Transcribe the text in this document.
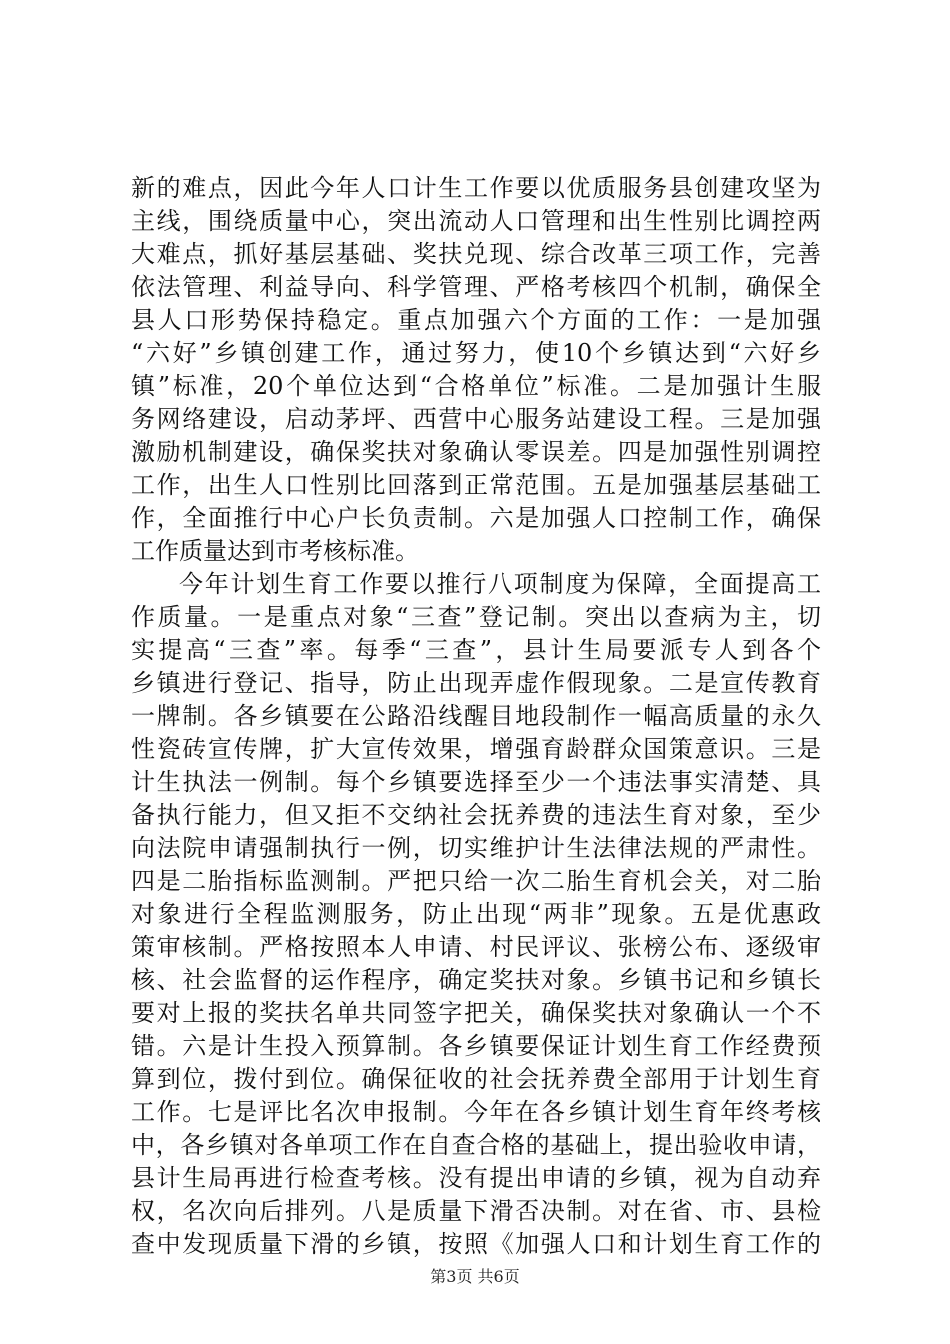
新的难点，因此今年人口计生工作要以优质服务县创建攻坚为
主线，围绕质量中心，突出流动人口管理和出生性别比调控两
大难点，抓好基层基础、奖扶兑现、综合改革三项工作，完善
依法管理、利益导向、科学管理、严格考核四个机制，确保全
县人口形势保持稳定。重点加强六个方面的工作：一是加强
“六好”乡镇创建工作，通过努力，使10个乡镇达到“六好乡
镇”标准，20个单位达到“合格单位”标准。二是加强计生服
务网络建设，启动茅坪、西营中心服务站建设工程。三是加强
激励机制建设，确保奖扶对象确认零误差。四是加强性别调控
工作，出生人口性别比回落到正常范围。五是加强基层基础工
作，全面推行中心户长负责制。六是加强人口控制工作，确保
工作质量达到市考核标准。
今年计划生育工作要以推行八项制度为保障，全面提高工
作质量。一是重点对象“三查”登记制。突出以查病为主，切
实提高“三查”率。每季“三查”，县计生局要派专人到各个
乡镇进行登记、指导，防止出现弄虚作假现象。二是宣传教育
一牌制。各乡镇要在公路沿线醒目地段制作一幅高质量的永久
性瓷砖宣传牌，扩大宣传效果，增强育龄群众国策意识。三是
计生执法一例制。每个乡镇要选择至少一个违法事实清楚、具
备执行能力，但又拒不交纳社会抚养费的违法生育对象，至少
向法院申请强制执行一例，切实维护计生法律法规的严肃性。
四是二胎指标监测制。严把只给一次二胎生育机会关，对二胎
对象进行全程监测服务，防止出现“两非”现象。五是优惠政
策审核制。严格按照本人申请、村民评议、张榜公布、逐级审
核、社会监督的运作程序，确定奖扶对象。乡镇书记和乡镇长
要对上报的奖扶名单共同签字把关，确保奖扶对象确认一个不
错。六是计生投入预算制。各乡镇要保证计划生育工作经费预
算到位，拨付到位。确保征收的社会抚养费全部用于计划生育
工作。七是评比名次申报制。今年在各乡镇计划生育年终考核
中，各乡镇对各单项工作在自查合格的基础上，提出验收申请，
县计生局再进行检查考核。没有提出申请的乡镇，视为自动弃
权，名次向后排列。八是质量下滑否决制。对在省、市、县检
查中发现质量下滑的乡镇，按照《加强人口和计划生育工作的
第3页 共6页
